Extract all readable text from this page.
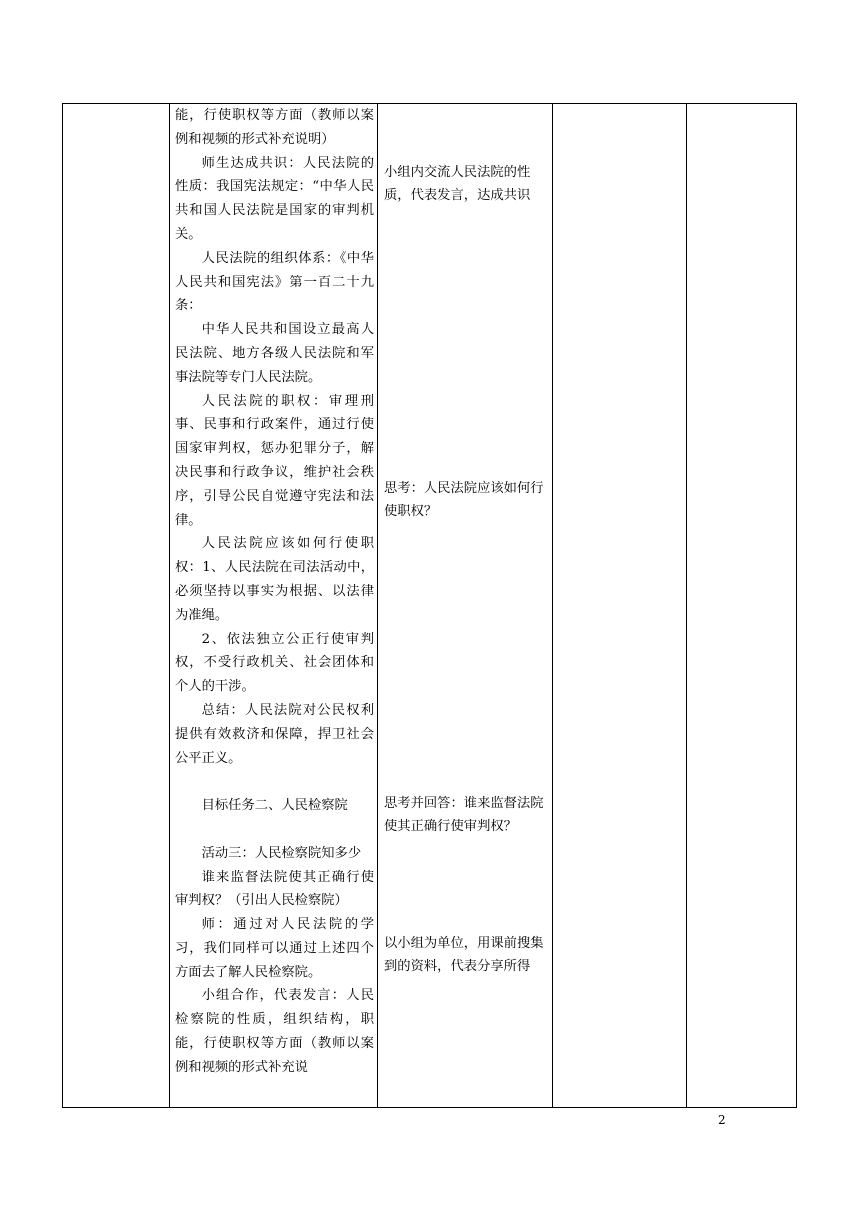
能，行使职权等方面（教师以案例和视频的形式补充说明）

师生达成共识：人民法院的性质：我国宪法规定：“中华人民共和国人民法院是国家的审判机关。

人民法院的组织体系：《中华人民共和国宪法》第一百二十九条：

中华人民共和国设立最高人民法院、地方各级人民法院和军事法院等专门人民法院。

人民法院的职权：审理刑事、民事和行政案件，通过行使国家审判权，惩办犯罪分子，解决民事和行政争议，维护社会秩序，引导公民自觉遵守宪法和法律。

人民法院应该如何行使职权：1、人民法院在司法活动中，必须坚持以事实为根据、以法律为准绳。

2、依法独立公正行使审判权，不受行政机关、社会团体和个人的干涉。

总结：人民法院对公民权利提供有效救济和保障，捍卫社会公平正义。

目标任务二、人民检察院

活动三：人民检察院知多少

谁来监督法院使其正确行使审判权？（引出人民检察院）

师：通过对人民法院的学习，我们同样可以通过上述四个方面去了解人民检察院。

小组合作，代表发言：人民检察院的性质，组织结构，职能，行使职权等方面（教师以案例和视频的形式补充说

小组内交流人民法院的性质，代表发言，达成共识

思考：人民法院应该如何行使职权？

思考并回答：谁来监督法院使其正确行使审判权？

以小组为单位，用课前搜集到的资料，代表分享所得

2
